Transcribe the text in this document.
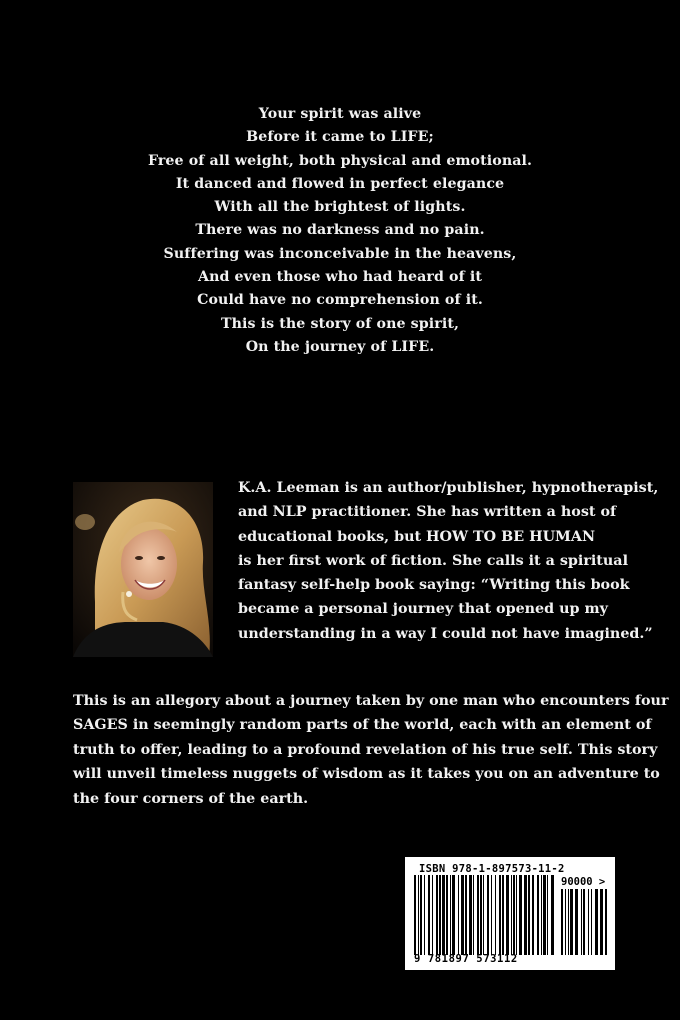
Your spirit was alive
Before it came to LIFE;
Free of all weight, both physical and emotional.
It danced and flowed in perfect elegance
With all the brightest of lights.
There was no darkness and no pain.
Suffering was inconceivable in the heavens,
And even those who had heard of it
Could have no comprehension of it.
This is the story of one spirit,
On the journey of LIFE.
K.A. Leeman is an author/publisher, hypnotherapist,
and NLP practitioner. She has written a host of
educational books, but HOW TO BE HUMAN
is her first work of fiction. She calls it a spiritual
fantasy self-help book saying: “Writing this book
became a personal journey that opened up my
understanding in a way I could not have imagined.”
This is an allegory about a journey taken by one man who encounters four
SAGES in seemingly random parts of the world, each with an element of
truth to offer, leading to a profound revelation of his true self. This story
will unveil timeless nuggets of wisdom as it takes you on an adventure to
the four corners of the earth.
ISBN 978-1-897573-11-2
90000 >
9 781897 573112
